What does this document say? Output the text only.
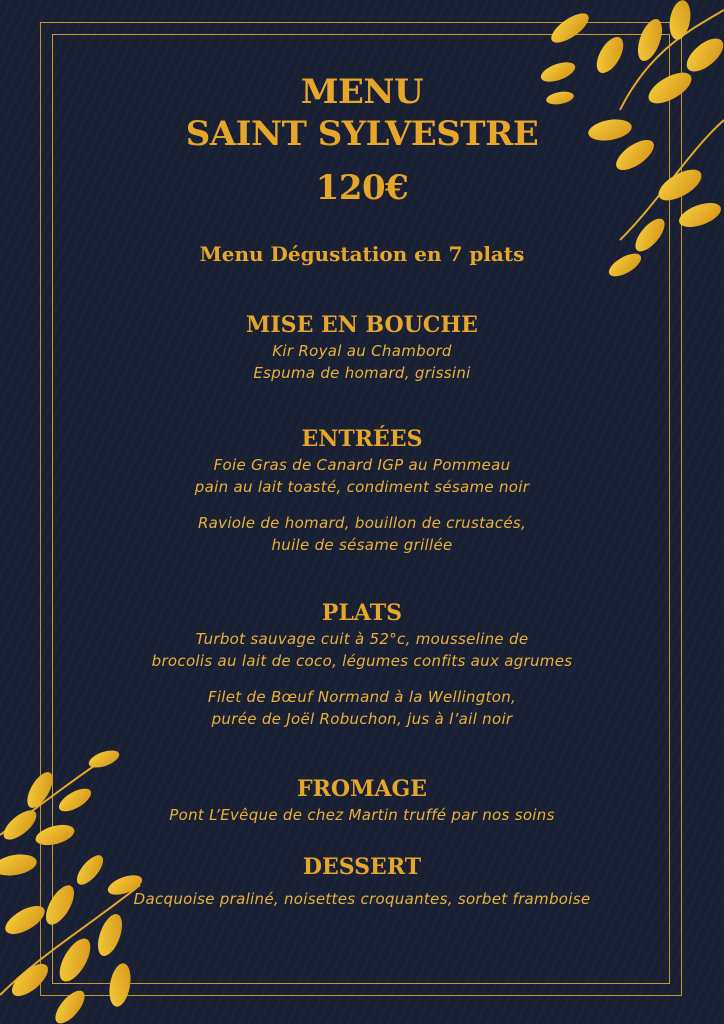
MENU
SAINT SYLVESTRE
120€
Menu Dégustation en 7 plats
MISE EN BOUCHE

Kir Royal au Chambord
Espuma de homard, grissini

ENTRÉES

Foie Gras de Canard IGP au Pommeau
pain au lait toasté, condiment sésame noir

Raviole de homard, bouillon de crustacés,
huile de sésame grillée

PLATS

Turbot sauvage cuit à 52°c, mousseline de
brocolis au lait de coco, légumes confits aux agrumes

Filet de Bœuf Normand à la Wellington,
purée de Joël Robuchon, jus à l’ail noir

FROMAGE

Pont L’Evêque de chez Martin truffé par nos soins

DESSERT

Dacquoise praliné, noisettes croquantes, sorbet framboise
